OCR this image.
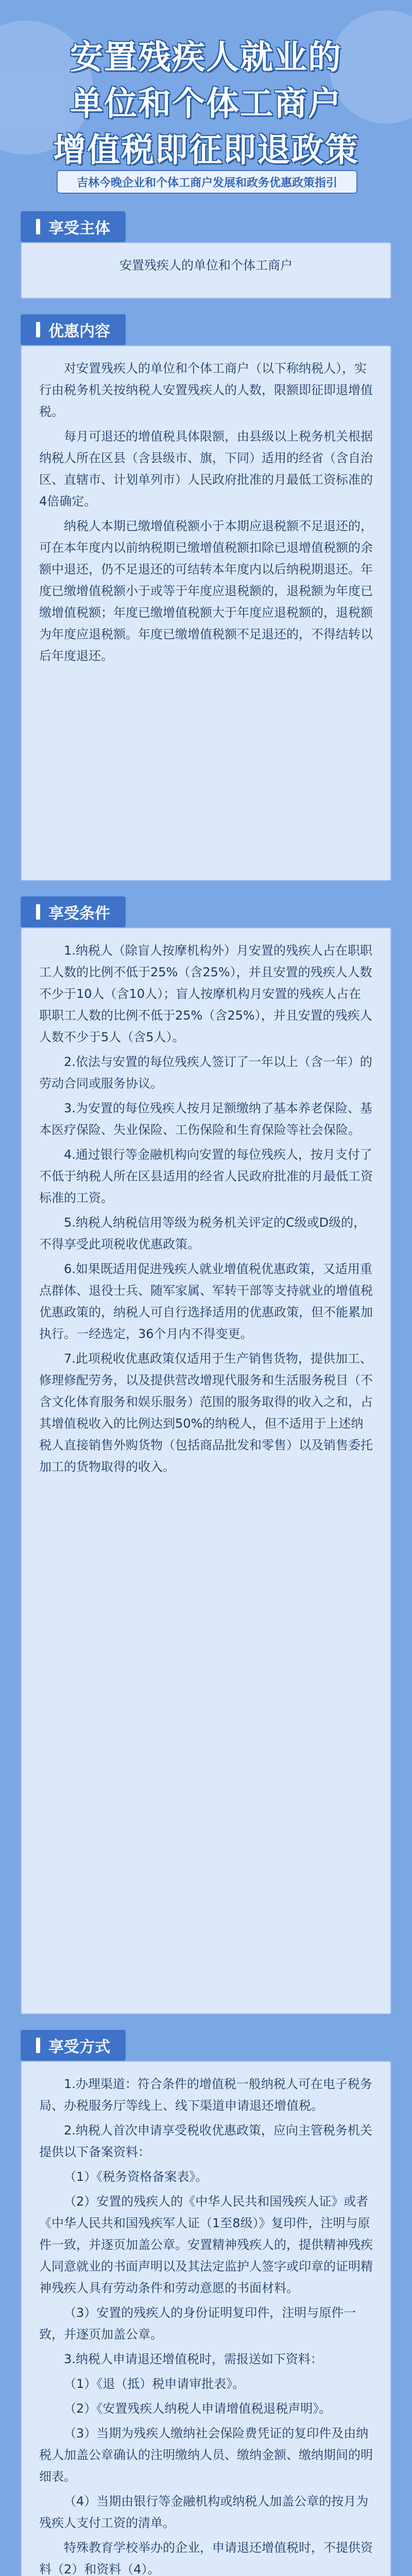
安置残疾人就业的
单位和个体工商户
增值税即征即退政策
吉林今晚企业和个体工商户发展和政务优惠政策指引
享受主体

安置残疾人的单位和个体工商户

优惠内容

对安置残疾人的单位和个体工商户（以下称纳税人），实行由税务机关按纳税人安置残疾人的人数，限额即征即退增值税。

每月可退还的增值税具体限额，由县级以上税务机关根据纳税人所在区县（含县级市、旗，下同）适用的经省（含自治区、直辖市、计划单列市）人民政府批准的月最低工资标准的4倍确定。

纳税人本期已缴增值税额小于本期应退税额不足退还的，可在本年度内以前纳税期已缴增值税额扣除已退增值税额的余额中退还，仍不足退还的可结转本年度内以后纳税期退还。年度已缴增值税额小于或等于年度应退税额的，退税额为年度已缴增值税额；年度已缴增值税额大于年度应退税额的，退税额为年度应退税额。年度已缴增值税额不足退还的，不得结转以后年度退还。

享受条件

1.纳税人（除盲人按摩机构外）月安置的残疾人占在职职工人数的比例不低于25%（含25%），并且安置的残疾人人数不少于10人（含10人）；盲人按摩机构月安置的残疾人占在职职工人数的比例不低于25%（含25%），并且安置的残疾人人数不少于5人（含5人）。

2.依法与安置的每位残疾人签订了一年以上（含一年）的劳动合同或服务协议。

3.为安置的每位残疾人按月足额缴纳了基本养老保险、基本医疗保险、失业保险、工伤保险和生育保险等社会保险。

4.通过银行等金融机构向安置的每位残疾人，按月支付了不低于纳税人所在区县适用的经省人民政府批准的月最低工资标准的工资。

5.纳税人纳税信用等级为税务机关评定的C级或D级的，不得享受此项税收优惠政策。

6.如果既适用促进残疾人就业增值税优惠政策，又适用重点群体、退役士兵、随军家属、军转干部等支持就业的增值税优惠政策的，纳税人可自行选择适用的优惠政策，但不能累加执行。一经选定，36个月内不得变更。

7.此项税收优惠政策仅适用于生产销售货物，提供加工、修理修配劳务，以及提供营改增现代服务和生活服务税目（不含文化体育服务和娱乐服务）范围的服务取得的收入之和，占其增值税收入的比例达到50%的纳税人，但不适用于上述纳税人直接销售外购货物（包括商品批发和零售）以及销售委托加工的货物取得的收入。

享受方式

1.办理渠道：符合条件的增值税一般纳税人可在电子税务局、办税服务厅等线上、线下渠道申请退还增值税。

2.纳税人首次申请享受税收优惠政策，应向主管税务机关提供以下备案资料：

（1）《税务资格备案表》。

（2）安置的残疾人的《中华人民共和国残疾人证》或者《中华人民共和国残疾军人证（1至8级）》复印件，注明与原件一致，并逐页加盖公章。安置精神残疾人的，提供精神残疾人同意就业的书面声明以及其法定监护人签字或印章的证明精神残疾人具有劳动条件和劳动意愿的书面材料。

（3）安置的残疾人的身份证明复印件，注明与原件一致，并逐页加盖公章。

3.纳税人申请退还增值税时，需报送如下资料：

（1）《退（抵）税申请审批表》。

（2）《安置残疾人纳税人申请增值税退税声明》。

（3）当期为残疾人缴纳社会保险费凭证的复印件及由纳税人加盖公章确认的注明缴纳人员、缴纳金额、缴纳期间的明细表。

（4）当期由银行等金融机构或纳税人加盖公章的按月为残疾人支付工资的清单。

特殊教育学校举办的企业，申请退还增值税时，不提供资料（2）和资料（4）。
